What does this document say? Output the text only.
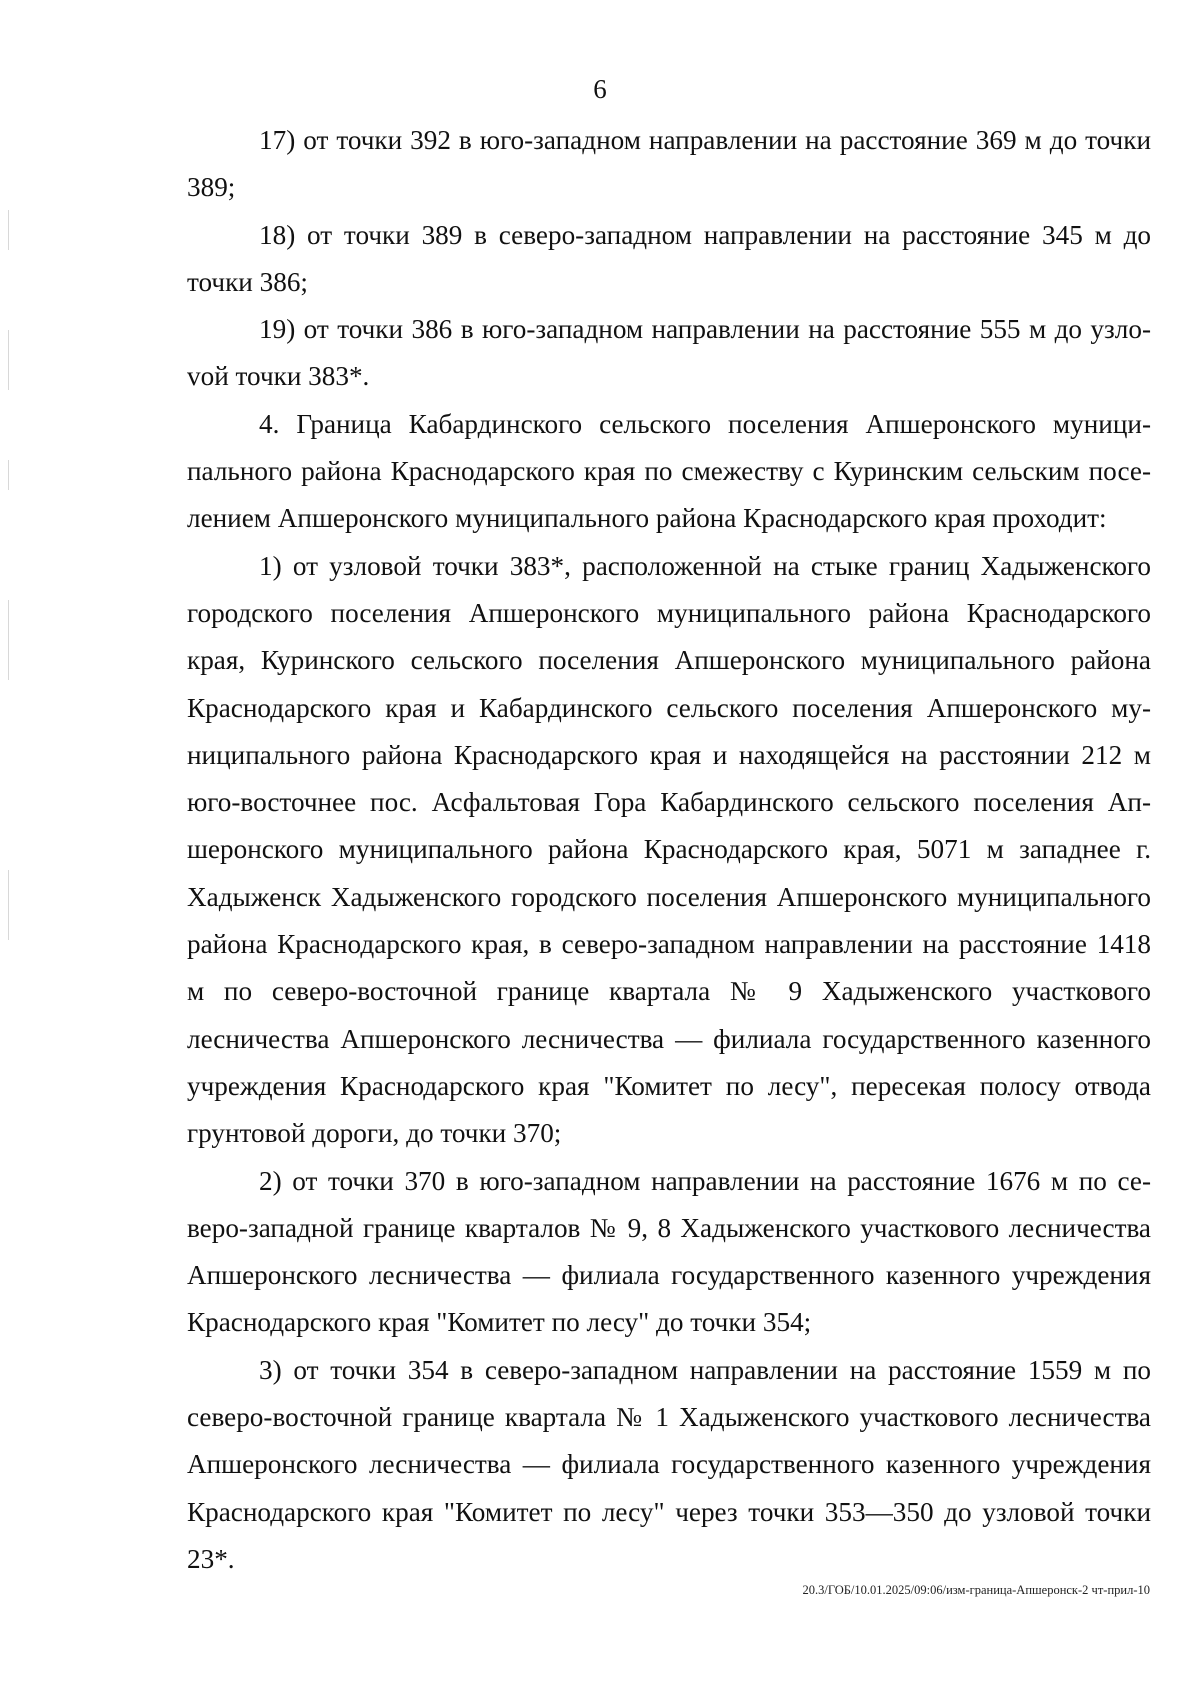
6

17) от точки 392 в юго-западном направлении на расстояние 369 м до точки 389;

18) от точки 389 в северо-западном направлении на расстояние 345 м до точки 386;

19) от точки 386 в юго-западном направлении на расстояние 555 м до узлоvой точки 383*.

4. Граница Кабардинского сельского поселения Апшеронского муниципального района Краснодарского края по смежеству с Куринским сельским поселением Апшеронского муниципального района Краснодарского края проходит:

1) от узловой точки 383*, расположенной на стыке границ Хадыженского городского поселения Апшеронского муниципального района Краснодарского края, Куринского сельского поселения Апшеронского муниципального района Краснодарского края и Кабардинского сельского поселения Апшеронского муниципального района Краснодарского края и находящейся на расстоянии 212 м юго-восточнее пос. Асфальтовая Гора Кабардинского сельского поселения Апшеронского муниципального района Краснодарского края, 5071 м западнее г. Хадыженск Хадыженского городского поселения Апшеронского муниципального района Краснодарского края, в северо-западном направлении на расстояние 1418 м по северо-восточной границе квартала № 9 Хадыженского участкового лесничества Апшеронского лесничества — филиала государственного казенного учреждения Краснодарского края "Комитет по лесу", пересекая полосу отвода грунтовой дороги, до точки 370;

2) от точки 370 в юго-западном направлении на расстояние 1676 м по северо-западной границе кварталов № 9, 8 Хадыженского участкового лесничества Апшеронского лесничества — филиала государственного казенного учреждения Краснодарского края "Комитет по лесу" до точки 354;

3) от точки 354 в северо-западном направлении на расстояние 1559 м по северо-восточной границе квартала № 1 Хадыженского участкового лесничества Апшеронского лесничества — филиала государственного казенного учреждения Краснодарского края "Комитет по лесу" через точки 353—350 до узловой точки 23*.

20.3/ГОБ/10.01.2025/09:06/изм-граница-Апшеронск-2 чт-прил-10
